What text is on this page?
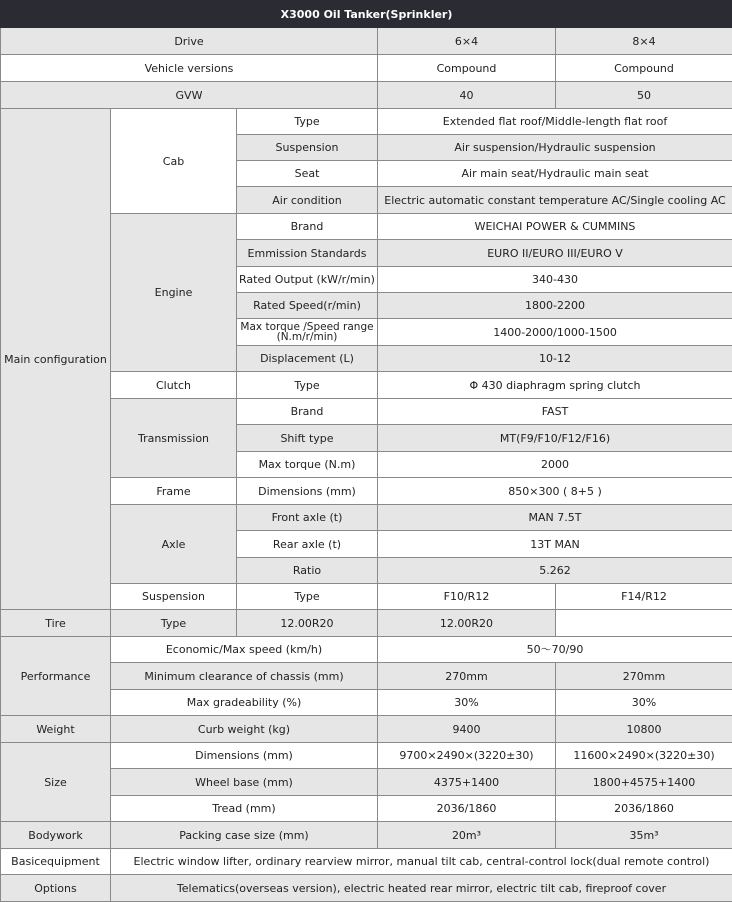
X3000 Oil Tanker(Sprinkler)				
Drive			6×4	8×4
Vehicle versions			Compound	Compound
GVW			40	50
Main configuration	Cab	Type	Extended flat roof/Middle-length flat roof	
		Suspension	Air suspension/Hydraulic suspension	
		Seat	Air main seat/Hydraulic main seat	
		Air condition	Electric automatic constant temperature AC/Single cooling AC	
	Engine	Brand	WEICHAI POWER & CUMMINS	
		Emmission Standards	EURO II/EURO III/EURO V	
		Rated Output (kW/r/min)	340-430	
		Rated Speed(r/min)	1800-2200	
		Max torque /Speed range (N.m/r/min)	1400-2000/1000-1500	
		Displacement (L)	10-12	
	Clutch	Type	Φ 430 diaphragm spring clutch	
	Transmission	Brand	FAST	
		Shift type	MT(F9/F10/F12/F16)	
		Max torque (N.m)	2000	
	Frame	Dimensions (mm)	850×300 ( 8+5 )	
	Axle	Front axle (t)	MAN 7.5T	
		Rear axle (t)	13T MAN	
		Ratio	5.262	
	Suspension	Type	F10/R12	F14/R12
Tire	Type	12.00R20	12.00R20	
Performance	Economic/Max speed (km/h)		50～70/90	
	Minimum clearance of chassis (mm)		270mm	270mm
	Max gradeability (%)		30%	30%
Weight	Curb weight (kg)		9400	10800
Size	Dimensions (mm)		9700×2490×(3220±30)	11600×2490×(3220±30)
	Wheel base (mm)		4375+1400	1800+4575+1400
	Tread (mm)		2036/1860	2036/1860
Bodywork	Packing case size (mm)		20m³	35m³
Basicequipment	Electric window lifter, ordinary rearview mirror, manual tilt cab, central-control lock(dual remote control)			
Options	Telematics(overseas version), electric heated rear mirror, electric tilt cab, fireproof cover			
